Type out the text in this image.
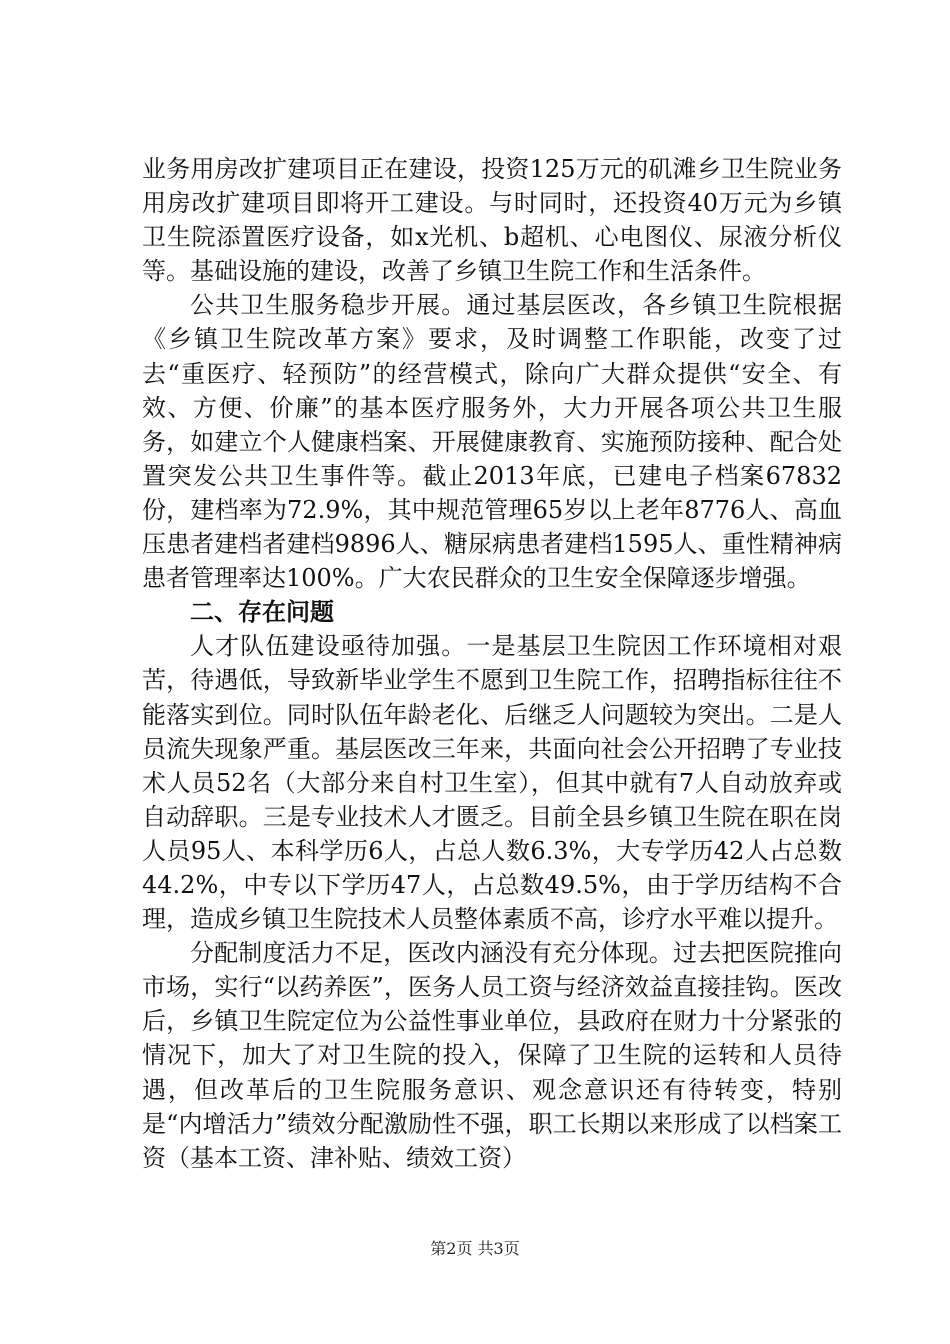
业务用房改扩建项目正在建设，投资125万元的矶滩乡卫生院业务用房改扩建项目即将开工建设。与时同时，还投资40万元为乡镇卫生院添置医疗设备，如x光机、b超机、心电图仪、尿液分析仪等。基础设施的建设，改善了乡镇卫生院工作和生活条件。

公共卫生服务稳步开展。通过基层医改，各乡镇卫生院根据《乡镇卫生院改革方案》要求，及时调整工作职能，改变了过去“重医疗、轻预防”的经营模式，除向广大群众提供“安全、有效、方便、价廉”的基本医疗服务外，大力开展各项公共卫生服务，如建立个人健康档案、开展健康教育、实施预防接种、配合处置突发公共卫生事件等。截止2013年底，已建电子档案67832份，建档率为72.9%，其中规范管理65岁以上老年8776人、高血压患者建档者建档9896人、糖尿病患者建档1595人、重性精神病患者管理率达100%。广大农民群众的卫生安全保障逐步增强。

二、存在问题

人才队伍建设亟待加强。一是基层卫生院因工作环境相对艰苦，待遇低，导致新毕业学生不愿到卫生院工作，招聘指标往往不能落实到位。同时队伍年龄老化、后继乏人问题较为突出。二是人员流失现象严重。基层医改三年来，共面向社会公开招聘了专业技术人员52名（大部分来自村卫生室），但其中就有7人自动放弃或自动辞职。三是专业技术人才匮乏。目前全县乡镇卫生院在职在岗人员95人、本科学历6人，占总人数6.3%，大专学历42人占总数44.2%，中专以下学历47人，占总数49.5%，由于学历结构不合理，造成乡镇卫生院技术人员整体素质不高，诊疗水平难以提升。

分配制度活力不足，医改内涵没有充分体现。过去把医院推向市场，实行“以药养医”，医务人员工资与经济效益直接挂钩。医改后，乡镇卫生院定位为公益性事业单位，县政府在财力十分紧张的情况下，加大了对卫生院的投入，保障了卫生院的运转和人员待遇，但改革后的卫生院服务意识、观念意识还有待转变，特别是“内增活力”绩效分配激励性不强，职工长期以来形成了以档案工资（基本工资、津补贴、绩效工资）

第2页 共3页
